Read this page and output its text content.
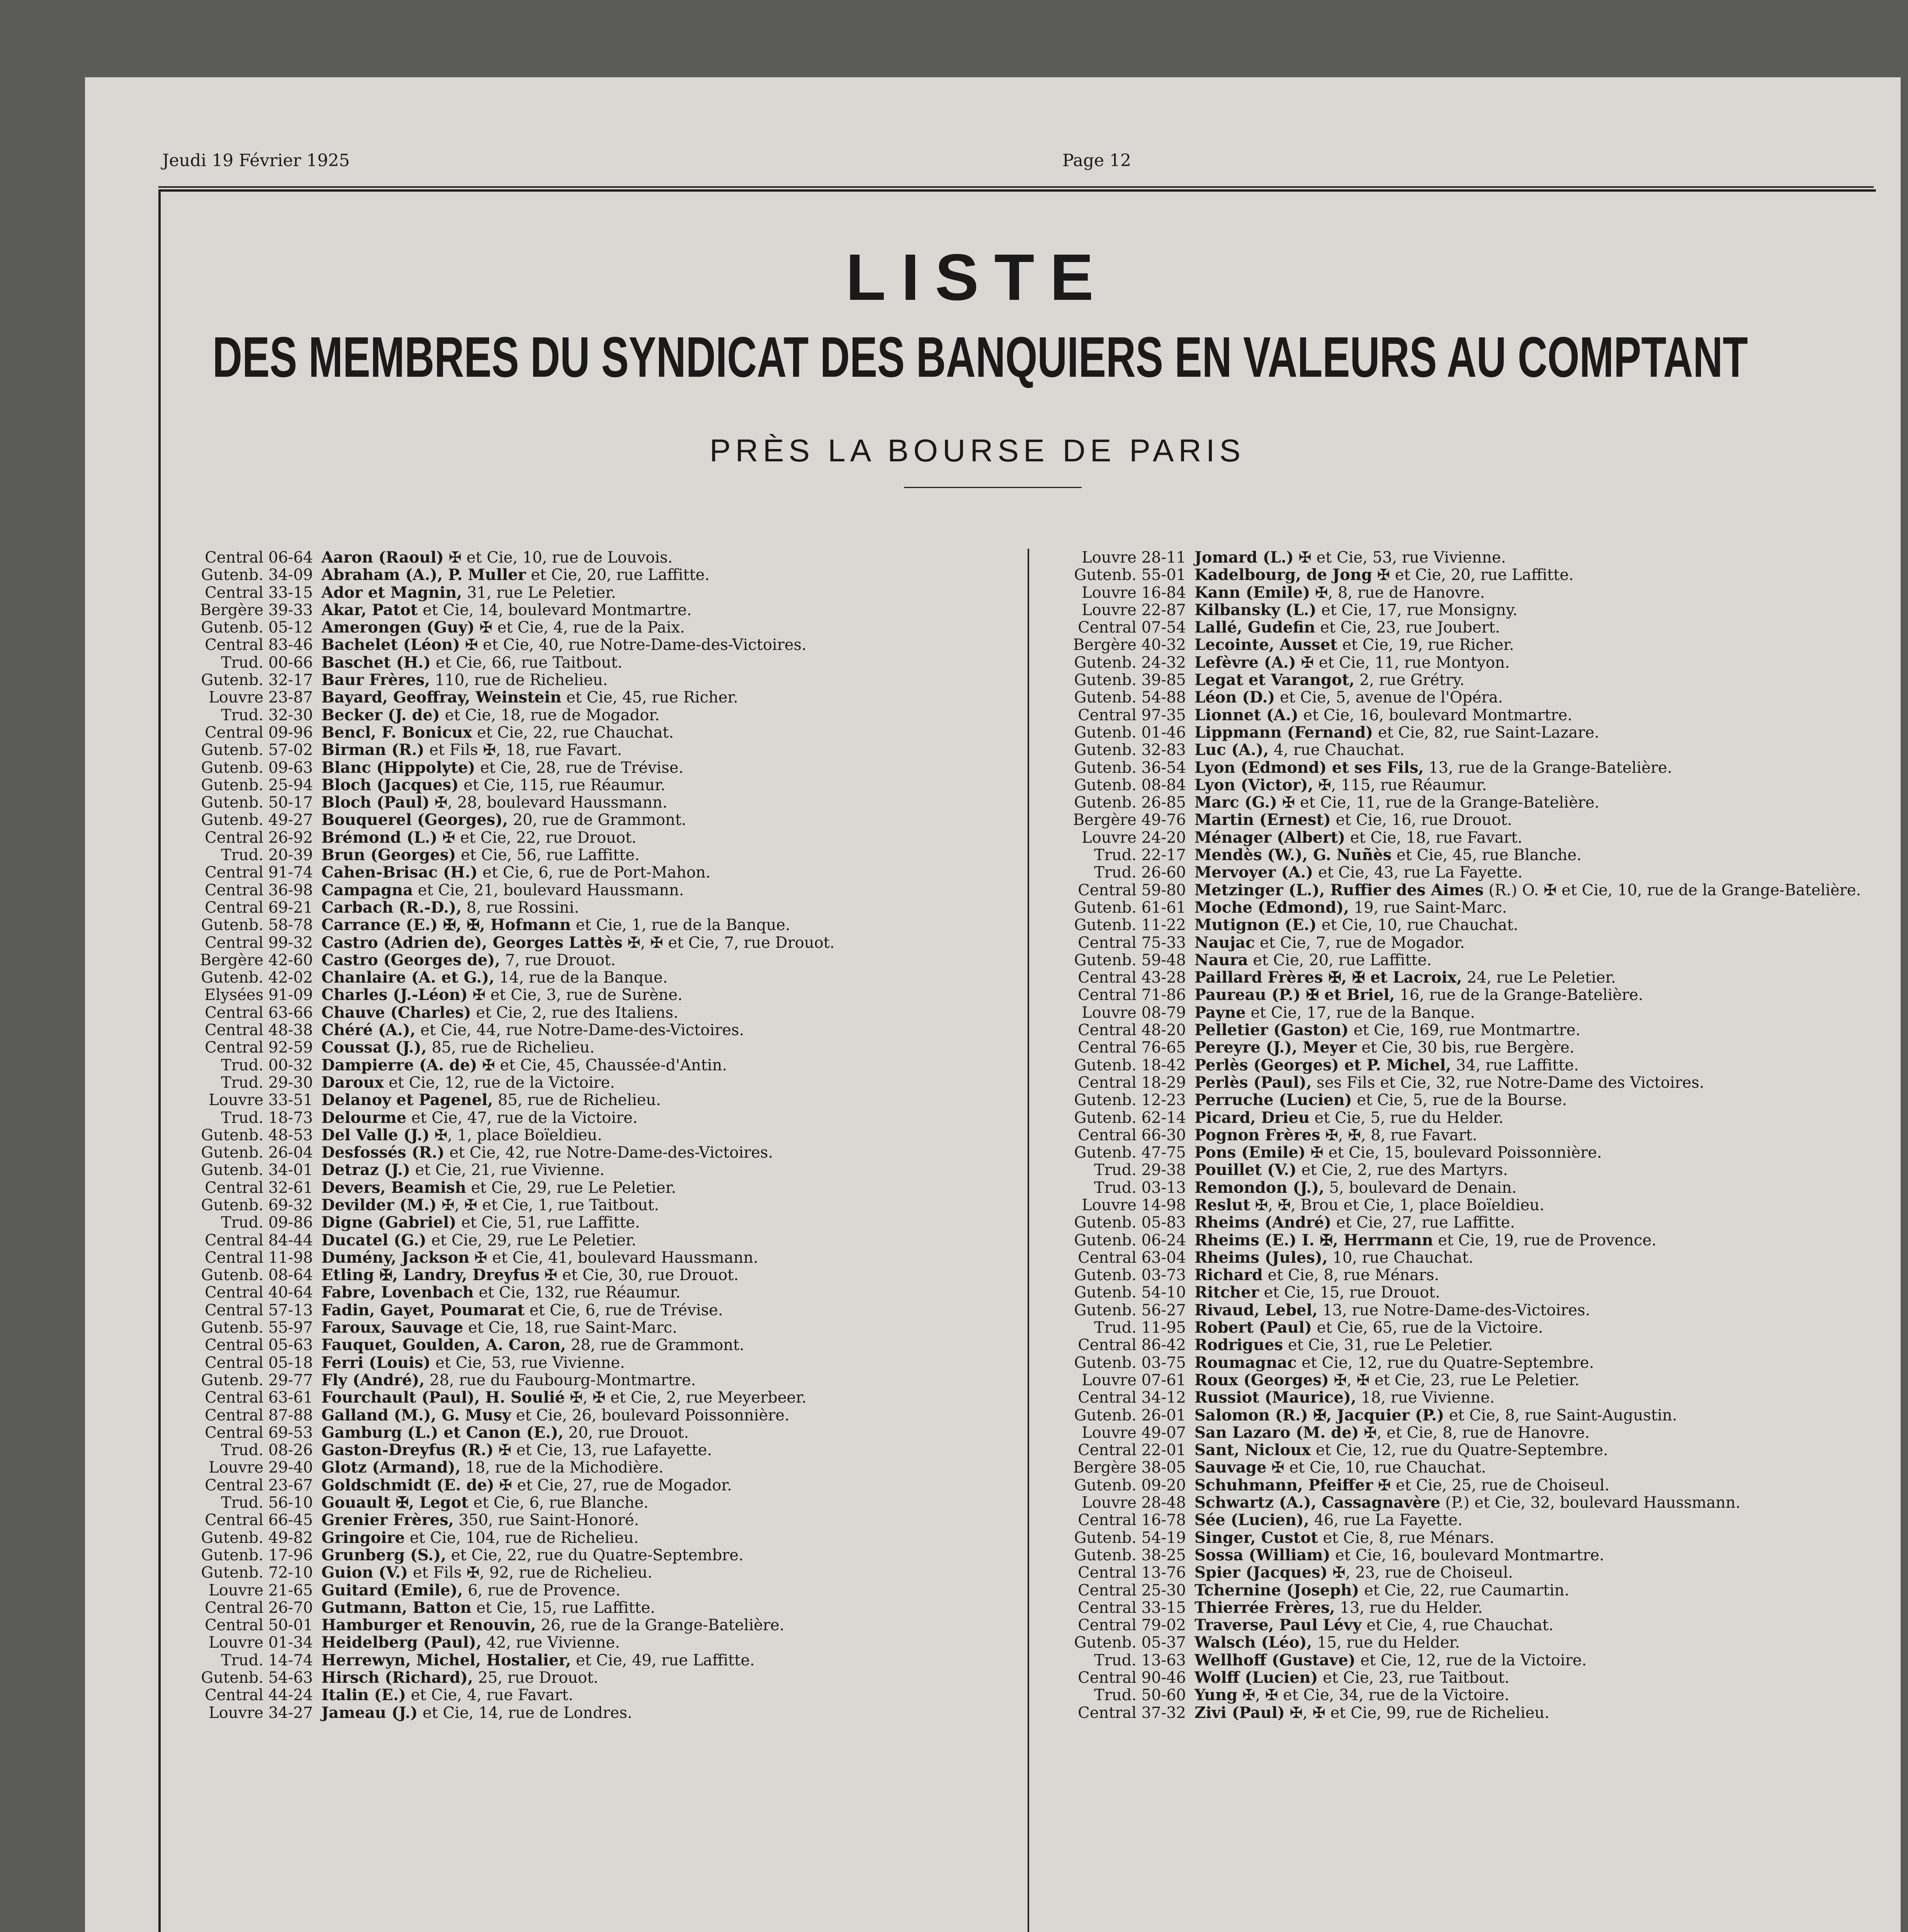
Jeudi 19 Février 1925	Page 12
LISTE
DES MEMBRES DU SYNDICAT DES BANQUIERS EN VALEURS AU COMPTANT
PRÈS LA BOURSE DE PARIS
Central 06-64 Aaron (Raoul) ✠ et Cie, 10, rue de Louvois.
Gutenb. 34-09 Abraham (A.), P. Muller et Cie, 20, rue Laffitte.
Central 33-15 Ador et Magnin, 31, rue Le Peletier.
Bergère 39-33 Akar, Patot et Cie, 14, boulevard Montmartre.
Gutenb. 05-12 Amerongen (Guy) ✠ et Cie, 4, rue de la Paix.
Central 83-46 Bachelet (Léon) ✠ et Cie, 40, rue Notre-Dame-des-Victoires.
Trud. 00-66 Baschet (H.) et Cie, 66, rue Taitbout.
Gutenb. 32-17 Baur Frères, 110, rue de Richelieu.
Louvre 23-87 Bayard, Geoffray, Weinstein et Cie, 45, rue Richer.
Trud. 32-30 Becker (J. de) et Cie, 18, rue de Mogador.
Central 09-96 Bencl, F. Bonicux et Cie, 22, rue Chauchat.
Gutenb. 57-02 Birman (R.) et Fils ✠, 18, rue Favart.
Gutenb. 09-63 Blanc (Hippolyte) et Cie, 28, rue de Trévise.
Gutenb. 25-94 Bloch (Jacques) et Cie, 115, rue Réaumur.
Gutenb. 50-17 Bloch (Paul) ✠, 28, boulevard Haussmann.
Gutenb. 49-27 Bouquerel (Georges), 20, rue de Grammont.
Central 26-92 Brémond (L.) ✠ et Cie, 22, rue Drouot.
Trud. 20-39 Brun (Georges) et Cie, 56, rue Laffitte.
Central 91-74 Cahen-Brisac (H.) et Cie, 6, rue de Port-Mahon.
Central 36-98 Campagna et Cie, 21, boulevard Haussmann.
Central 69-21 Carbach (R.-D.), 8, rue Rossini.
Gutenb. 58-78 Carrance (E.) ✠, ✠, Hofmann et Cie, 1, rue de la Banque.
Central 99-32 Castro (Adrien de), Georges Lattès ✠, ✠ et Cie, 7, rue Drouot.
Bergère 42-60 Castro (Georges de), 7, rue Drouot.
Gutenb. 42-02 Chanlaire (A. et G.), 14, rue de la Banque.
Elysées 91-09 Charles (J.-Léon) ✠ et Cie, 3, rue de Surène.
Central 63-66 Chauve (Charles) et Cie, 2, rue des Italiens.
Central 48-38 Chéré (A.), et Cie, 44, rue Notre-Dame-des-Victoires.
Central 92-59 Coussat (J.), 85, rue de Richelieu.
Trud. 00-32 Dampierre (A. de) ✠ et Cie, 45, Chaussée-d'Antin.
Trud. 29-30 Daroux et Cie, 12, rue de la Victoire.
Louvre 33-51 Delanoy et Pagenel, 85, rue de Richelieu.
Trud. 18-73 Delourme et Cie, 47, rue de la Victoire.
Gutenb. 48-53 Del Valle (J.) ✠, 1, place Boïeldieu.
Gutenb. 26-04 Desfossés (R.) et Cie, 42, rue Notre-Dame-des-Victoires.
Gutenb. 34-01 Detraz (J.) et Cie, 21, rue Vivienne.
Central 32-61 Devers, Beamish et Cie, 29, rue Le Peletier.
Gutenb. 69-32 Devilder (M.) ✠, ✠ et Cie, 1, rue Taitbout.
Trud. 09-86 Digne (Gabriel) et Cie, 51, rue Laffitte.
Central 84-44 Ducatel (G.) et Cie, 29, rue Le Peletier.
Central 11-98 Dumény, Jackson ✠ et Cie, 41, boulevard Haussmann.
Gutenb. 08-64 Etling ✠, Landry, Dreyfus ✠ et Cie, 30, rue Drouot.
Central 40-64 Fabre, Lovenbach et Cie, 132, rue Réaumur.
Central 57-13 Fadin, Gayet, Poumarat et Cie, 6, rue de Trévise.
Gutenb. 55-97 Faroux, Sauvage et Cie, 18, rue Saint-Marc.
Central 05-63 Fauquet, Goulden, A. Caron, 28, rue de Grammont.
Central 05-18 Ferri (Louis) et Cie, 53, rue Vivienne.
Gutenb. 29-77 Fly (André), 28, rue du Faubourg-Montmartre.
Central 63-61 Fourchault (Paul), H. Soulié ✠, ✠ et Cie, 2, rue Meyerbeer.
Central 87-88 Galland (M.), G. Musy et Cie, 26, boulevard Poissonnière.
Central 69-53 Gamburg (L.) et Canon (E.), 20, rue Drouot.
Trud. 08-26 Gaston-Dreyfus (R.) ✠ et Cie, 13, rue Lafayette.
Louvre 29-40 Glotz (Armand), 18, rue de la Michodière.
Central 23-67 Goldschmidt (E. de) ✠ et Cie, 27, rue de Mogador.
Trud. 56-10 Gouault ✠, Legot et Cie, 6, rue Blanche.
Central 66-45 Grenier Frères, 350, rue Saint-Honoré.
Gutenb. 49-82 Gringoire et Cie, 104, rue de Richelieu.
Gutenb. 17-96 Grunberg (S.), et Cie, 22, rue du Quatre-Septembre.
Gutenb. 72-10 Guion (V.) et Fils ✠, 92, rue de Richelieu.
Louvre 21-65 Guitard (Emile), 6, rue de Provence.
Central 26-70 Gutmann, Batton et Cie, 15, rue Laffitte.
Central 50-01 Hamburger et Renouvin, 26, rue de la Grange-Batelière.
Louvre 01-34 Heidelberg (Paul), 42, rue Vivienne.
Trud. 14-74 Herrewyn, Michel, Hostalier, et Cie, 49, rue Laffitte.
Gutenb. 54-63 Hirsch (Richard), 25, rue Drouot.
Central 44-24 Italin (E.) et Cie, 4, rue Favart.
Louvre 34-27 Jameau (J.) et Cie, 14, rue de Londres.
Louvre 28-11 Jomard (L.) ✠ et Cie, 53, rue Vivienne.
Gutenb. 55-01 Kadelbourg, de Jong ✠ et Cie, 20, rue Laffitte.
Louvre 16-84 Kann (Emile) ✠, 8, rue de Hanovre.
Louvre 22-87 Kilbansky (L.) et Cie, 17, rue Monsigny.
Central 07-54 Lallé, Gudefin et Cie, 23, rue Joubert.
Bergère 40-32 Lecointe, Ausset et Cie, 19, rue Richer.
Gutenb. 24-32 Lefèvre (A.) ✠ et Cie, 11, rue Montyon.
Gutenb. 39-85 Legat et Varangot, 2, rue Grétry.
Gutenb. 54-88 Léon (D.) et Cie, 5, avenue de l'Opéra.
Central 97-35 Lionnet (A.) et Cie, 16, boulevard Montmartre.
Gutenb. 01-46 Lippmann (Fernand) et Cie, 82, rue Saint-Lazare.
Gutenb. 32-83 Luc (A.), 4, rue Chauchat.
Gutenb. 36-54 Lyon (Edmond) et ses Fils, 13, rue de la Grange-Batelière.
Gutenb. 08-84 Lyon (Victor), ✠, 115, rue Réaumur.
Gutenb. 26-85 Marc (G.) ✠ et Cie, 11, rue de la Grange-Batelière.
Bergère 49-76 Martin (Ernest) et Cie, 16, rue Drouot.
Louvre 24-20 Ménager (Albert) et Cie, 18, rue Favart.
Trud. 22-17 Mendès (W.), G. Nuñès et Cie, 45, rue Blanche.
Trud. 26-60 Mervoyer (A.) et Cie, 43, rue La Fayette.
Central 59-80 Metzinger (L.), Ruffier des Aimes (R.) O. ✠ et Cie, 10, rue de la Grange-Batelière.
Gutenb. 61-61 Moche (Edmond), 19, rue Saint-Marc.
Gutenb. 11-22 Mutignon (E.) et Cie, 10, rue Chauchat.
Central 75-33 Naujac et Cie, 7, rue de Mogador.
Gutenb. 59-48 Naura et Cie, 20, rue Laffitte.
Central 43-28 Paillard Frères ✠, ✠ et Lacroix, 24, rue Le Peletier.
Central 71-86 Paureau (P.) ✠ et Briel, 16, rue de la Grange-Batelière.
Louvre 08-79 Payne et Cie, 17, rue de la Banque.
Central 48-20 Pelletier (Gaston) et Cie, 169, rue Montmartre.
Central 76-65 Pereyre (J.), Meyer et Cie, 30 bis, rue Bergère.
Gutenb. 18-42 Perlès (Georges) et P. Michel, 34, rue Laffitte.
Central 18-29 Perlès (Paul), ses Fils et Cie, 32, rue Notre-Dame des Victoires.
Gutenb. 12-23 Perruche (Lucien) et Cie, 5, rue de la Bourse.
Gutenb. 62-14 Picard, Drieu et Cie, 5, rue du Helder.
Central 66-30 Pognon Frères ✠, ✠, 8, rue Favart.
Gutenb. 47-75 Pons (Emile) ✠ et Cie, 15, boulevard Poissonnière.
Trud. 29-38 Pouillet (V.) et Cie, 2, rue des Martyrs.
Trud. 03-13 Remondon (J.), 5, boulevard de Denain.
Louvre 14-98 Reslut ✠, ✠, Brou et Cie, 1, place Boïeldieu.
Gutenb. 05-83 Rheims (André) et Cie, 27, rue Laffitte.
Gutenb. 06-24 Rheims (E.) I. ✠, Herrmann et Cie, 19, rue de Provence.
Central 63-04 Rheims (Jules), 10, rue Chauchat.
Gutenb. 03-73 Richard et Cie, 8, rue Ménars.
Gutenb. 54-10 Ritcher et Cie, 15, rue Drouot.
Gutenb. 56-27 Rivaud, Lebel, 13, rue Notre-Dame-des-Victoires.
Trud. 11-95 Robert (Paul) et Cie, 65, rue de la Victoire.
Central 86-42 Rodrigues et Cie, 31, rue Le Peletier.
Gutenb. 03-75 Roumagnac et Cie, 12, rue du Quatre-Septembre.
Louvre 07-61 Roux (Georges) ✠, ✠ et Cie, 23, rue Le Peletier.
Central 34-12 Russiot (Maurice), 18, rue Vivienne.
Gutenb. 26-01 Salomon (R.) ✠, Jacquier (P.) et Cie, 8, rue Saint-Augustin.
Louvre 49-07 San Lazaro (M. de) ✠, et Cie, 8, rue de Hanovre.
Central 22-01 Sant, Nicloux et Cie, 12, rue du Quatre-Septembre.
Bergère 38-05 Sauvage ✠ et Cie, 10, rue Chauchat.
Gutenb. 09-20 Schuhmann, Pfeiffer ✠ et Cie, 25, rue de Choiseul.
Louvre 28-48 Schwartz (A.), Cassagnavère (P.) et Cie, 32, boulevard Haussmann.
Central 16-78 Sée (Lucien), 46, rue La Fayette.
Gutenb. 54-19 Singer, Custot et Cie, 8, rue Ménars.
Gutenb. 38-25 Sossa (William) et Cie, 16, boulevard Montmartre.
Central 13-76 Spier (Jacques) ✠, 23, rue de Choiseul.
Central 25-30 Tchernine (Joseph) et Cie, 22, rue Caumartin.
Central 33-15 Thierrée Frères, 13, rue du Helder.
Central 79-02 Traverse, Paul Lévy et Cie, 4, rue Chauchat.
Gutenb. 05-37 Walsch (Léo), 15, rue du Helder.
Trud. 13-63 Wellhoff (Gustave) et Cie, 12, rue de la Victoire.
Central 90-46 Wolff (Lucien) et Cie, 23, rue Taitbout.
Trud. 50-60 Yung ✠, ✠ et Cie, 34, rue de la Victoire.
Central 37-32 Zivi (Paul) ✠, ✠ et Cie, 99, rue de Richelieu.
